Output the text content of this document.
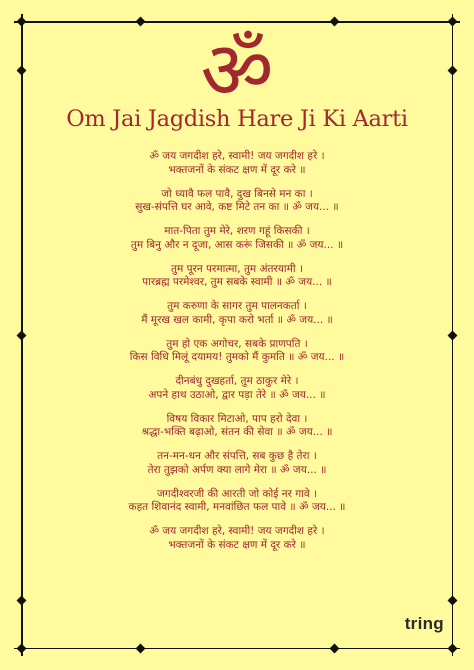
ॐ
Om Jai Jagdish Hare Ji Ki Aarti
ॐ जय जगदीश हरे, स्वामी! जय जगदीश हरे ।
भक्तजनों के संकट क्षण में दूर करे ॥
जो ध्यावै फल पावै, दुख बिनसे मन का ।
सुख-संपत्ति घर आवे, कष्ट मिटे तन का ॥ ॐ जय... ॥
मात-पिता तुम मेरे, शरण गहूं किसकी ।
तुम बिनु और न दूजा, आस करूं जिसकी ॥ ॐ जय... ॥
तुम पूरन परमात्मा, तुम अंतरयामी ।
पारब्रह्म परमेश्वर, तुम सबके स्वामी ॥ ॐ जय... ॥
तुम करुणा के सागर तुम पालनकर्ता ।
मैं मूरख खल कामी, कृपा करो भर्ता ॥ ॐ जय... ॥
तुम हो एक अगोचर, सबके प्राणपति ।
किस विधि मिलूं दयामय! तुमको मैं कुमति ॥ ॐ जय... ॥
दीनबंधु दुखहर्ता, तुम ठाकुर मेरे ।
अपने हाथ उठाओ, द्वार पड़ा तेरे ॥ ॐ जय... ॥
विषय विकार मिटाओ, पाप हरो देवा ।
श्रद्धा-भक्ति बढ़ाओ, संतन की सेवा ॥ ॐ जय... ॥
तन-मन-धन और संपत्ति, सब कुछ है तेरा ।
तेरा तुझको अर्पण क्या लागे मेरा ॥ ॐ जय... ॥
जगदीश्वरजी की आरती जो कोई नर गावे ।
कहत शिवानंद स्वामी, मनवांछित फल पावे ॥ ॐ जय... ॥
ॐ जय जगदीश हरे, स्वामी! जय जगदीश हरे ।
भक्तजनों के संकट क्षण में दूर करे ॥
tring
